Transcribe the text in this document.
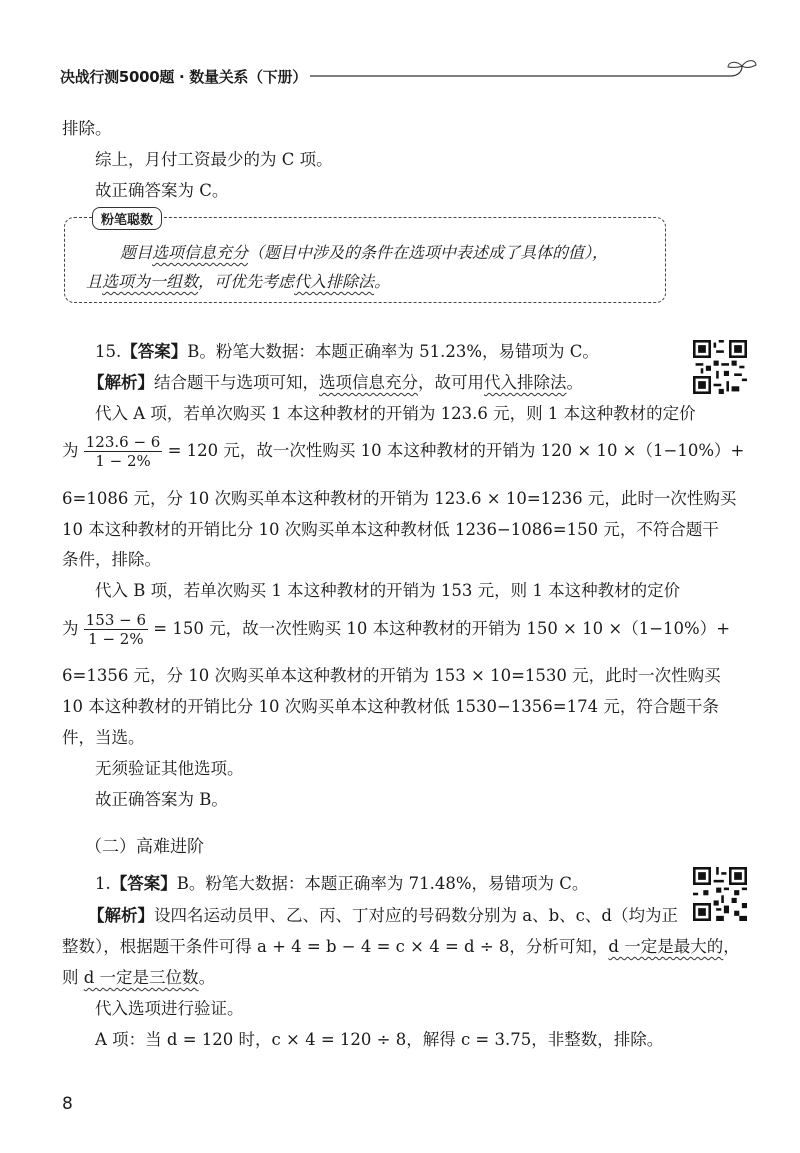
决战行测5000题 · 数量关系（下册）
排除。
综上，月付工资最少的为 C 项。
故正确答案为 C。
粉笔聪数
题目选项信息充分（题目中涉及的条件在选项中表述成了具体的值），
且选项为一组数，可优先考虑代入排除法。
15.【答案】B。粉笔大数据：本题正确率为 51.23%，易错项为 C。
【解析】结合题干与选项可知，选项信息充分，故可用代入排除法。
代入 A 项，若单次购买 1 本这种教材的开销为 123.6 元，则 1 本这种教材的定价
为 $\frac{123.6 - 6}{1 - 2\%} = 120$ 元，故一次性购买 10 本这种教材的开销为 120 × 10 ×（1−10%）+
6=1086 元，分 10 次购买单本这种教材的开销为 123.6 × 10=1236 元，此时一次性购买
10 本这种教材的开销比分 10 次购买单本这种教材低 1236−1086=150 元，不符合题干
条件，排除。
代入 B 项，若单次购买 1 本这种教材的开销为 153 元，则 1 本这种教材的定价
为 $\frac{153 - 6}{1 - 2\%} = 150$ 元，故一次性购买 10 本这种教材的开销为 150 × 10 ×（1−10%）+
6=1356 元，分 10 次购买单本这种教材的开销为 153 × 10=1530 元，此时一次性购买
10 本这种教材的开销比分 10 次购买单本这种教材低 1530−1356=174 元，符合题干条
件，当选。
无须验证其他选项。
故正确答案为 B。
（二）高难进阶
1.【答案】B。粉笔大数据：本题正确率为 71.48%，易错项为 C。
【解析】设四名运动员甲、乙、丙、丁对应的号码数分别为 a、b、c、d（均为正
整数），根据题干条件可得 a + 4 = b − 4 = c × 4 = d ÷ 8，分析可知，d 一定是最大的，
则 d 一定是三位数。
代入选项进行验证。
A 项：当 d = 120 时，c × 4 = 120 ÷ 8，解得 c = 3.75，非整数，排除。
8
